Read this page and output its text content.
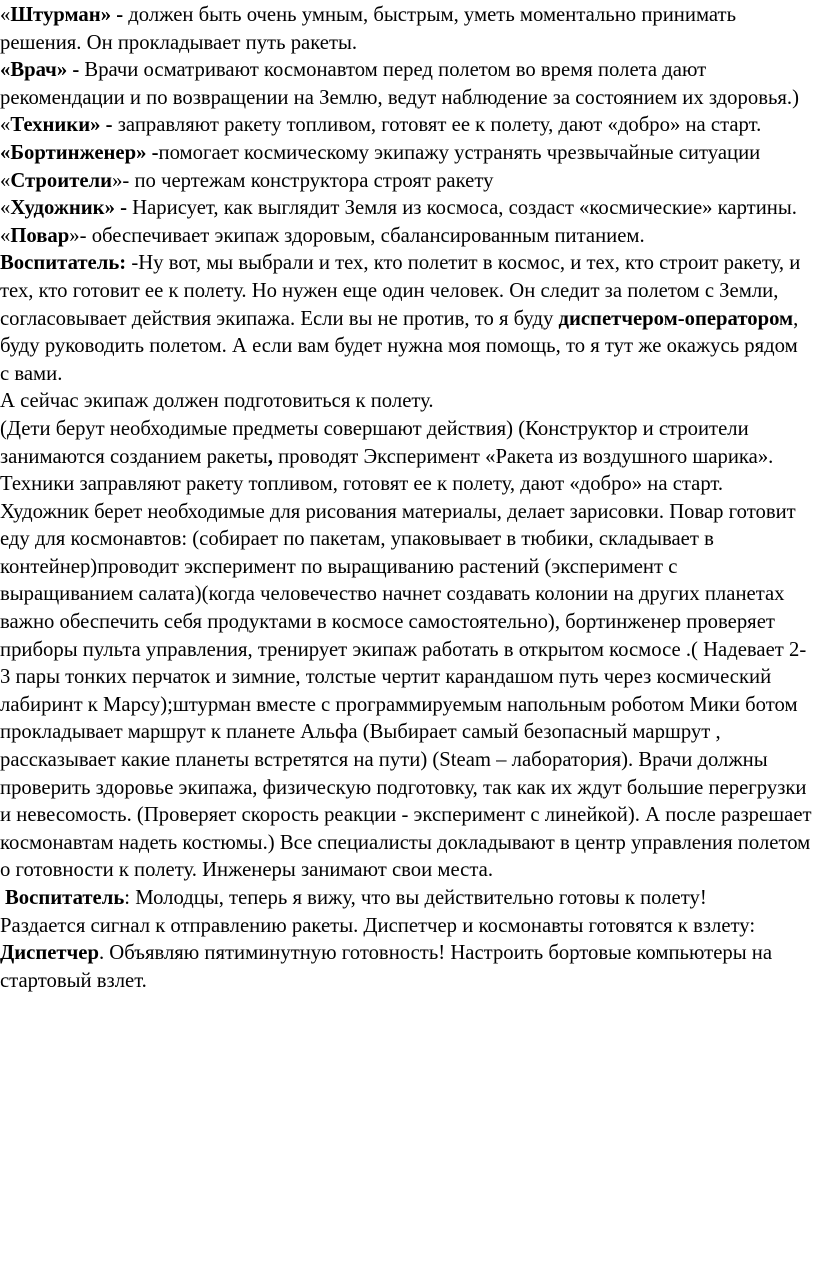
«Штурман» - должен быть очень умным, быстрым, уметь моментально принимать решения. Он прокладывает путь ракеты.

«Врач» - Врачи осматривают космонавтом перед полетом во время полета дают рекомендации и по возвращении на Землю, ведут наблюдение за состоянием их здоровья.)

«Техники» - заправляют ракету топливом, готовят ее к полету, дают «добро» на старт.

«Бортинженер» -помогает космическому экипажу устранять чрезвычайные ситуации

«Строители»- по чертежам конструктора строят ракету

«Художник» - Нарисует, как выглядит Земля из космоса, создаст «космические» картины.

«Повар»- обеспечивает экипаж здоровым, сбалансированным питанием.

Воспитатель: -Ну вот, мы выбрали и тех, кто полетит в космос, и тех, кто строит ракету, и тех, кто готовит ее к полету. Но нужен еще один человек. Он следит за полетом с Земли, согласовывает действия экипажа. Если вы не против, то я буду диспетчером-оператором, буду руководить полетом. А если вам будет нужна моя помощь, то я тут же окажусь рядом с вами.

А сейчас экипаж должен подготовиться к полету.

(Дети берут необходимые предметы совершают действия) (Конструктор и строители занимаются созданием ракеты, проводят Эксперимент «Ракета из воздушного шарика». Техники заправляют ракету топливом, готовят ее к полету, дают «добро» на старт. Художник берет необходимые для рисования материалы, делает зарисовки. Повар готовит еду для космонавтов: (собирает по пакетам, упаковывает в тюбики, складывает в контейнер)проводит эксперимент по выращиванию растений (эксперимент с выращиванием салата)(когда человечество начнет создавать колонии на других планетах важно обеспечить себя продуктами в космосе самостоятельно), бортинженер проверяет приборы пульта управления, тренирует экипаж работать в открытом космосе .( Надевает 2-3 пары тонких перчаток и зимние, толстые чертит карандашом путь через космический лабиринт к Марсу);штурман вместе с программируемым напольным роботом Мики ботом прокладывает маршрут к планете Альфа (Выбирает самый безопасный маршрут , рассказывает какие планеты встретятся на пути) (Steam – лаборатория). Врачи должны проверить здоровье экипажа, физическую подготовку, так как их ждут большие перегрузки и невесомость. (Проверяет скорость реакции - эксперимент с линейкой). А после разрешает космонавтам надеть костюмы.) Все специалисты докладывают в центр управления полетом о готовности к полету. Инженеры занимают свои места.

Воспитатель: Молодцы, теперь я вижу, что вы действительно готовы к полету!

Раздается сигнал к отправлению ракеты. Диспетчер и космонавты готовятся к взлету:

Диспетчер. Объявляю пятиминутную готовность! Настроить бортовые компьютеры на стартовый взлет.
